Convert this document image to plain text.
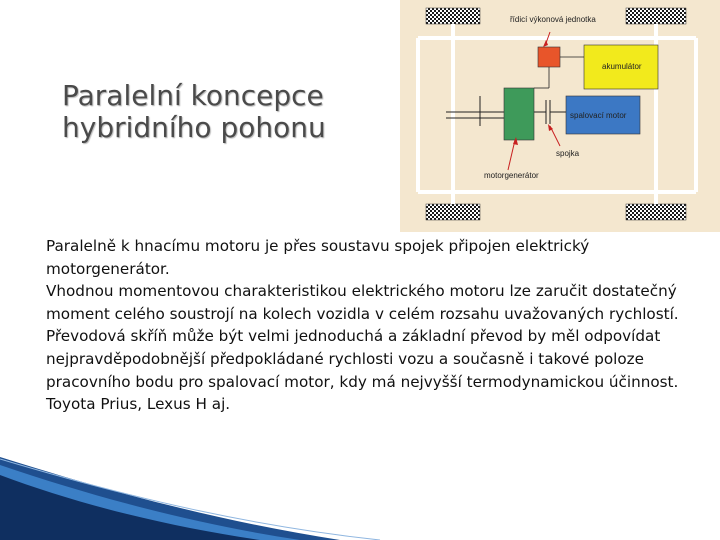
Paralelní koncepce
hybridního pohonu
řídicí výkonová jednotka
akumulátor
spalovací motor
spojka
motorgenerátor

Paralelně k hnacímu motoru je přes soustavu spojek připojen elektrický motorgenerátor.

Vhodnou momentovou charakteristikou elektrického motoru lze zaručit dostatečný moment celého soustrojí na kolech vozidla v celém rozsahu uvažovaných rychlostí.

Převodová skříň může být velmi jednoduchá a základní převod by měl odpovídat nejpravděpodobnější předpokládané rychlosti vozu a současně i takové poloze pracovního bodu pro spalovací motor, kdy má nejvyšší termodynamickou účinnost.

Toyota Prius, Lexus H aj.
